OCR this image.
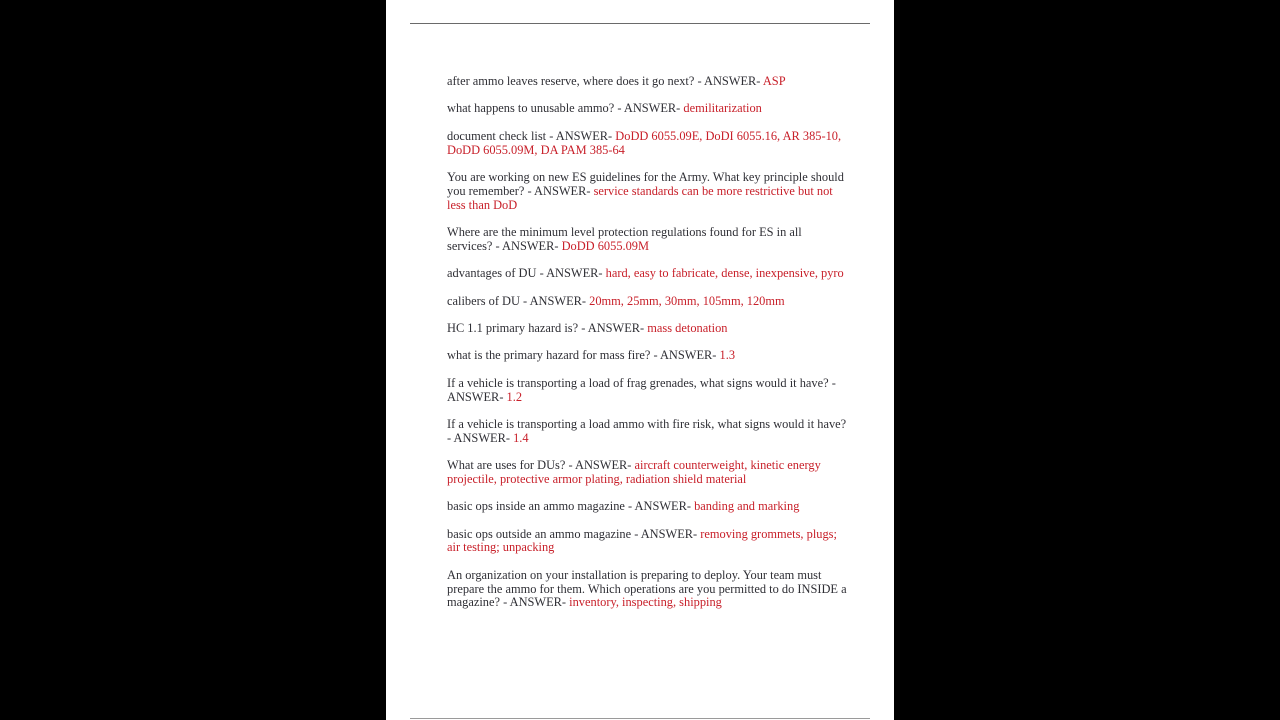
after ammo leaves reserve, where does it go next? - ANSWER- ASP

what happens to unusable ammo? - ANSWER- demilitarization

document check list - ANSWER- DoDD 6055.09E, DoDI 6055.16, AR 385-10, DoDD 6055.09M, DA PAM 385-64

You are working on new ES guidelines for the Army. What key principle should you remember? - ANSWER- service standards can be more restrictive but not less than DoD

Where are the minimum level protection regulations found for ES in all services? - ANSWER- DoDD 6055.09M

advantages of DU - ANSWER- hard, easy to fabricate, dense, inexpensive, pyro

calibers of DU - ANSWER- 20mm, 25mm, 30mm, 105mm, 120mm

HC 1.1 primary hazard is? - ANSWER- mass detonation

what is the primary hazard for mass fire? - ANSWER- 1.3

If a vehicle is transporting a load of frag grenades, what signs would it have? - ANSWER- 1.2

If a vehicle is transporting a load ammo with fire risk, what signs would it have? - ANSWER- 1.4

What are uses for DUs? - ANSWER- aircraft counterweight, kinetic energy projectile, protective armor plating, radiation shield material

basic ops inside an ammo magazine - ANSWER- banding and marking

basic ops outside an ammo magazine - ANSWER- removing grommets, plugs; air testing; unpacking

An organization on your installation is preparing to deploy. Your team must prepare the ammo for them. Which operations are you permitted to do INSIDE a magazine? - ANSWER- inventory, inspecting, shipping
